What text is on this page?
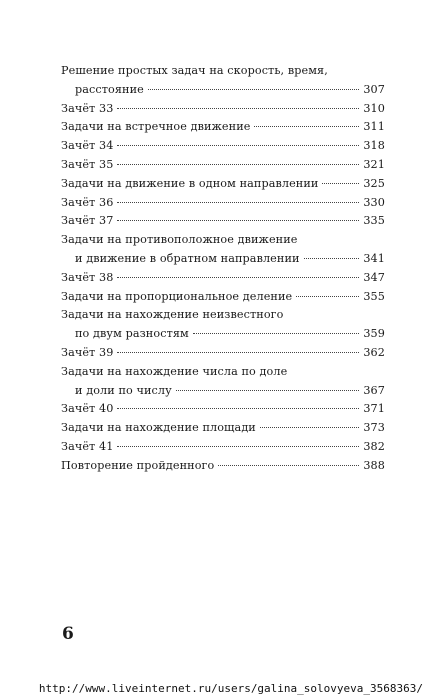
Решение простых задач на скорость, время,
расстояние	307
Зачёт 33	310
Задачи на встречное движение	311
Зачёт 34	318
Зачёт 35	321
Задачи на движение в одном направлении	325
Зачёт 36	330
Зачёт 37	335
Задачи на противоположное движение
и движение в обратном направлении	341
Зачёт 38	347
Задачи на пропорциональное деление	355
Задачи на нахождение неизвестного
по двум разностям	359
Зачёт 39	362
Задачи на нахождение числа по доле
и доли по числу	367
Зачёт 40	371
Задачи на нахождение площади	373
Зачёт 41	382
Повторение пройденного	388
6
http://www.liveinternet.ru/users/galina_solovyeva_3568363/
